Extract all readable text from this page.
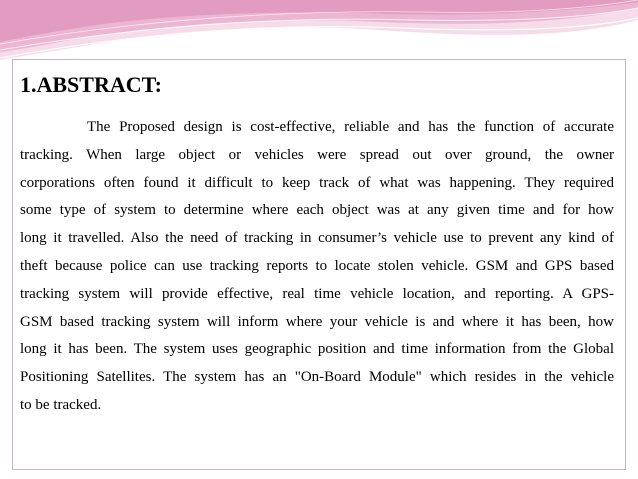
1.ABSTRACT:
The Proposed design is cost-effective, reliable and has the function of accurate
tracking. When large object or vehicles were spread out over ground, the owner
corporations often found it difficult to keep track of what was happening. They required
some type of system to determine where each object was at any given time and for how
long it travelled. Also the need of tracking in consumer’s vehicle use to prevent any kind of
theft because police can use tracking reports to locate stolen vehicle. GSM and GPS based
tracking system will provide effective, real time vehicle location, and reporting. A GPS-
GSM based tracking system will inform where your vehicle is and where it has been, how
long it has been. The system uses geographic position and time information from the Global
Positioning Satellites. The system has an "On-Board Module" which resides in the vehicle
to be tracked.
